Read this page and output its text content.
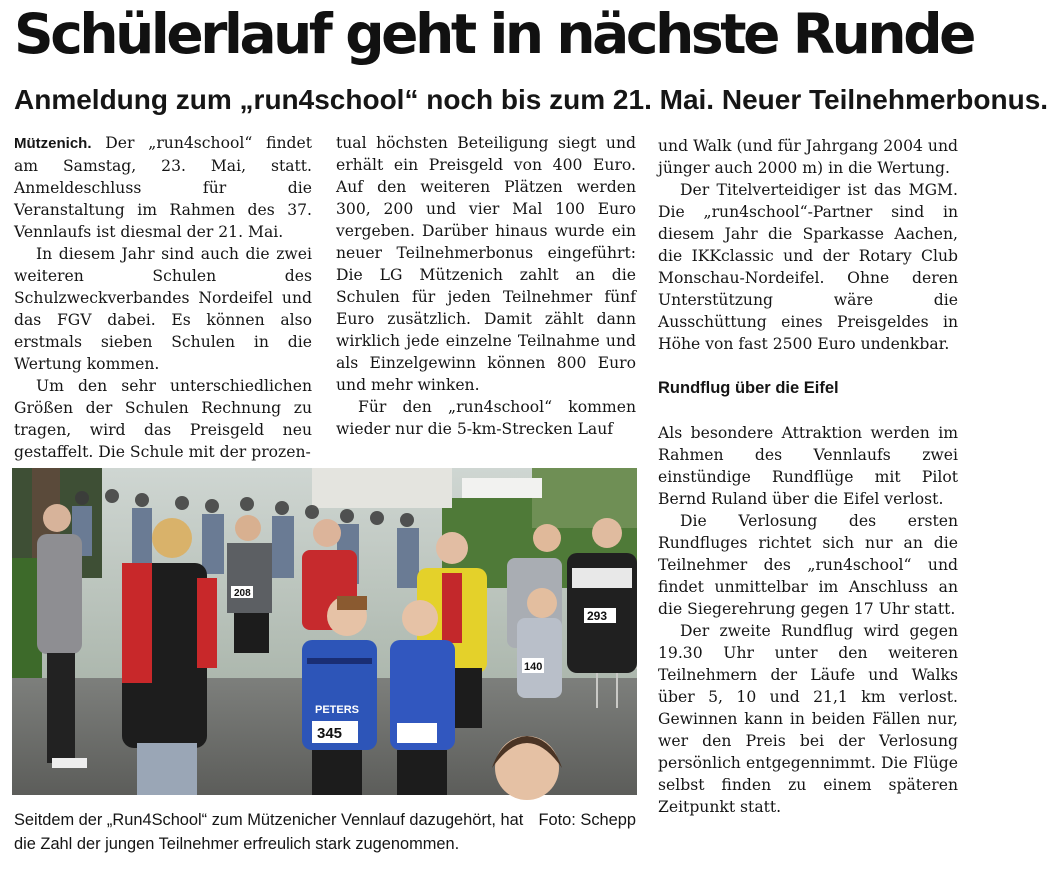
Schülerlauf geht in nächste Runde
Anmeldung zum „run4school“ noch bis zum 21. Mai. Neuer Teilnehmerbonus.

Mützenich. Der „run4school“ findet am Samstag, 23. Mai, statt. Anmeldeschluss für die Veranstaltung im Rahmen des 37. Vennlaufs ist diesmal der 21. Mai.

In diesem Jahr sind auch die zwei weiteren Schulen des Schulzweckverbandes Nordeifel und das FGV dabei. Es können also erstmals sieben Schulen in die Wertung kommen.

Um den sehr unterschiedlichen Größen der Schulen Rechnung zu tragen, wird das Preisgeld neu gestaffelt. Die Schule mit der prozen-

tual höchsten Beteiligung siegt und erhält ein Preisgeld von 400 Euro. Auf den weiteren Plätzen werden 300, 200 und vier Mal 100 Euro vergeben. Darüber hinaus wurde ein neuer Teilnehmerbonus eingeführt: Die LG Mützenich zahlt an die Schulen für jeden Teilnehmer fünf Euro zusätzlich. Damit zählt dann wirklich jede einzelne Teilnahme und als Einzelgewinn können 800 Euro und mehr winken.

Für den „run4school“ kommen wieder nur die 5-km-Strecken Lauf

und Walk (und für Jahrgang 2004 und jünger auch 2000 m) in die Wertung.

Der Titelverteidiger ist das MGM. Die „run4school“-Partner sind in diesem Jahr die Sparkasse Aachen, die IKKclassic und der Rotary Club Monschau-Nordeifel. Ohne deren Unterstützung wäre die Ausschüttung eines Preisgeldes in Höhe von fast 2500 Euro undenkbar.

Rundflug über die Eifel

Als besondere Attraktion werden im Rahmen des Vennlaufs zwei einstündige Rundflüge mit Pilot Bernd Ruland über die Eifel verlost.

Die Verlosung des ersten Rundfluges richtet sich nur an die Teilnehmer des „run4school“ und findet unmittelbar im Anschluss an die Siegerehrung gegen 17 Uhr statt.

Der zweite Rundflug wird gegen 19.30 Uhr unter den weiteren Teilnehmern der Läufe und Walks über 5, 10 und 21,1 km verlost. Gewinnen kann in beiden Fällen nur, wer den Preis bei der Verlosung persönlich entgegennimmt. Die Flüge selbst finden zu einem späteren Zeitpunkt statt.

208
293
PETERS
345
140

Foto: Schepp
Seitdem der „Run4School“ zum Mützenicher Vennlauf dazugehört, hat die Zahl der jungen Teilnehmer erfreulich stark zugenommen.
